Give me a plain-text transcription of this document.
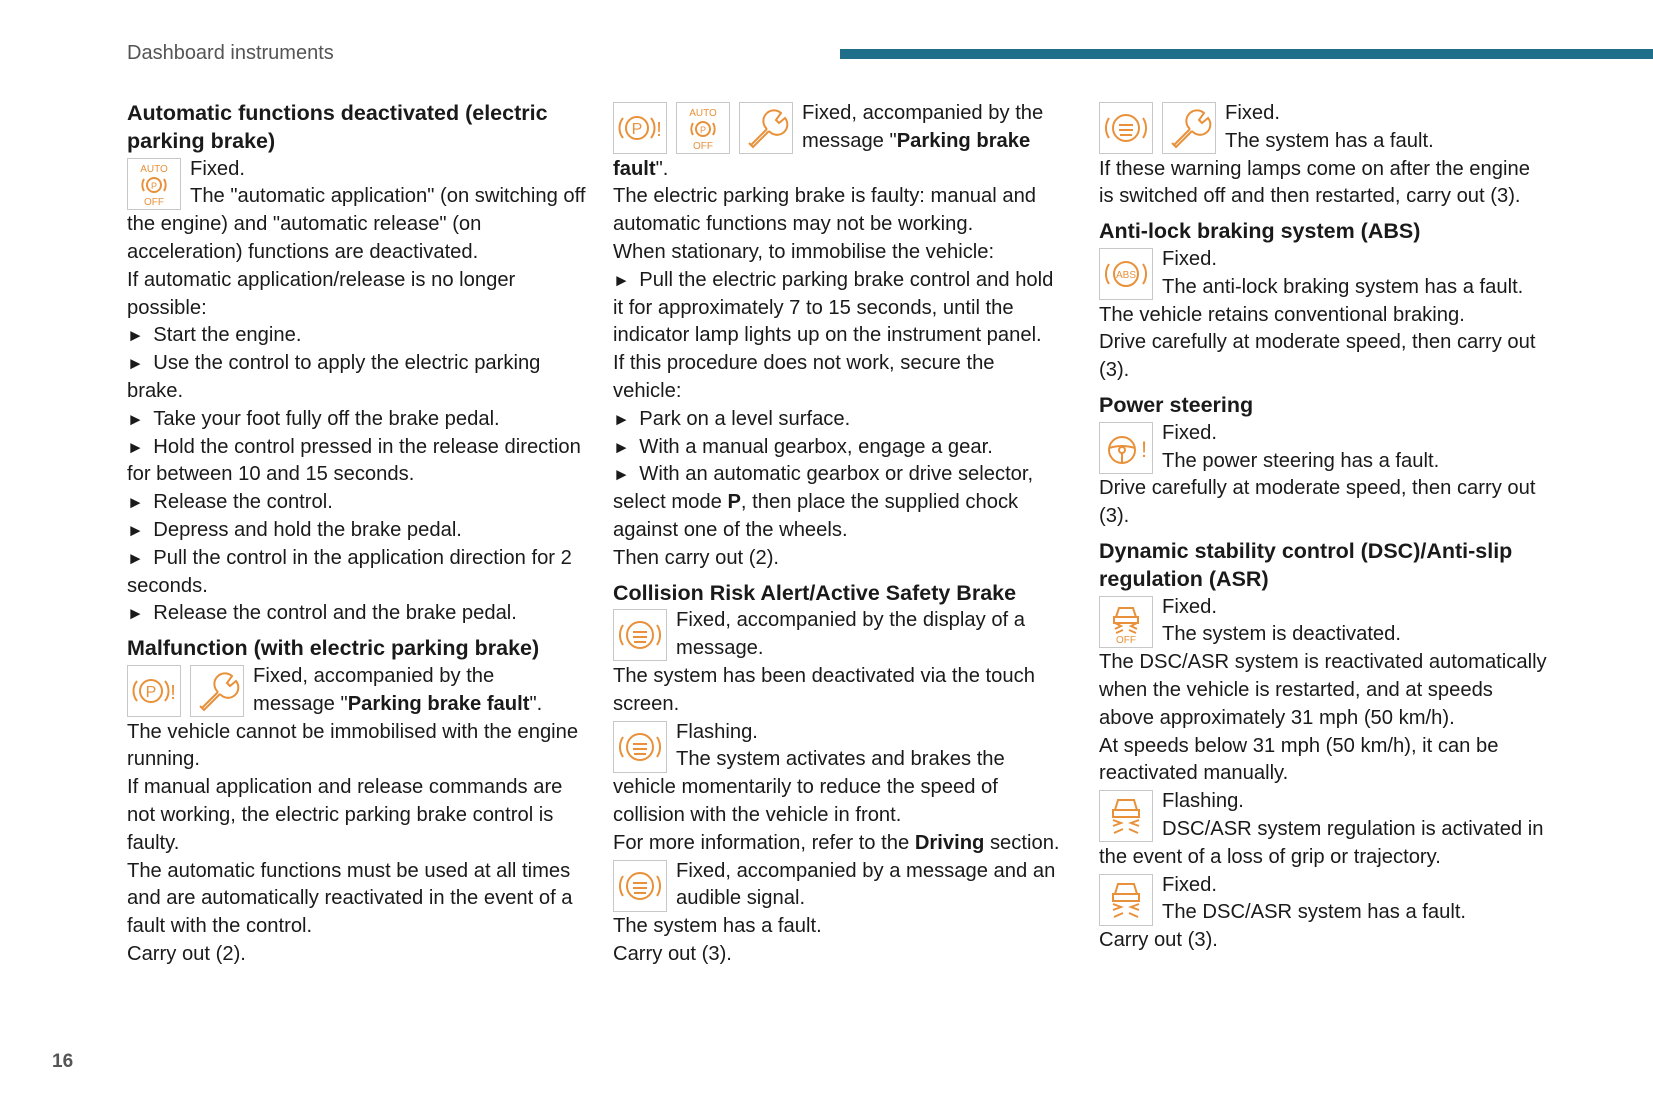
Dashboard instruments
Automatic functions deactivated (electric parking brake)

Fixed.

The "automatic application" (on switching off the engine) and "automatic release" (on acceleration) functions are deactivated.

If automatic application/release is no longer possible:

►  Start the engine.

►  Use the control to apply the electric parking brake.

►  Take your foot fully off the brake pedal.

►  Hold the control pressed in the release direction for between 10 and 15 seconds.

►  Release the control.

►  Depress and hold the brake pedal.

►  Pull the control in the application direction for 2 seconds.

►  Release the control and the brake pedal.

Malfunction (with electric parking brake)

Fixed, accompanied by the

message "Parking brake fault".

The vehicle cannot be immobilised with the engine running.

If manual application and release commands are not working, the electric parking brake control is faulty.

The automatic functions must be used at all times and are automatically reactivated in the event of a fault with the control.

Carry out (2).

Fixed, accompanied by the

message "Parking brake fault".

The electric parking brake is faulty: manual and automatic functions may not be working.

When stationary, to immobilise the vehicle:

►  Pull the electric parking brake control and hold it for approximately 7 to 15 seconds, until the indicator lamp lights up on the instrument panel.

If this procedure does not work, secure the vehicle:

►  Park on a level surface.

►  With a manual gearbox, engage a gear.

►  With an automatic gearbox or drive selector, select mode P, then place the supplied chock against one of the wheels.

Then carry out (2).

Collision Risk Alert/Active Safety Brake

Fixed, accompanied by the display of a message.

The system has been deactivated via the touch screen.

Flashing.

The system activates and brakes the vehicle momentarily to reduce the speed of collision with the vehicle in front.

For more information, refer to the Driving section.

Fixed, accompanied by a message and an audible signal.

The system has a fault.

Carry out (3).

Fixed.

The system has a fault.

If these warning lamps come on after the engine is switched off and then restarted, carry out (3).

Anti-lock braking system (ABS)

Fixed.

The anti-lock braking system has a fault.

The vehicle retains conventional braking.

Drive carefully at moderate speed, then carry out (3).

Power steering

Fixed.

The power steering has a fault.

Drive carefully at moderate speed, then carry out (3).

Dynamic stability control (DSC)/Anti-slip regulation (ASR)

Fixed.

The system is deactivated.

The DSC/ASR system is reactivated automatically when the vehicle is restarted, and at speeds above approximately 31 mph (50 km/h).

At speeds below 31 mph (50 km/h), it can be reactivated manually.

Flashing.

DSC/ASR system regulation is activated in the event of a loss of grip or trajectory.

Fixed.

The DSC/ASR system has a fault.

Carry out (3).

16
